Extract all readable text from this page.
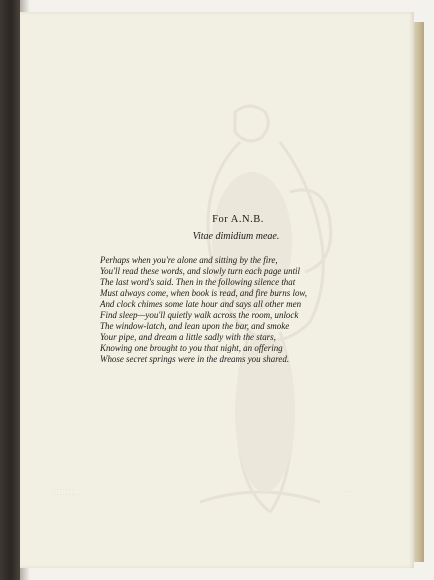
· · · · · · ·
· · · · · · · · ·
· · · · ·

For A.N.B.

Vitae dimidium meae.

Perhaps when you're alone and sitting by the fire,
You'll read these words, and slowly turn each page until
The last word's said. Then in the following silence that
Must always come, when book is read, and fire burns low,
And clock chimes some late hour and says all other men
Find sleep—you'll quietly walk across the room, unlock
The window-latch, and lean upon the bar, and smoke
Your pipe, and dream a little sadly with the stars,
Knowing one brought to you that night, an offering
Whose secret springs were in the dreams you shared.
